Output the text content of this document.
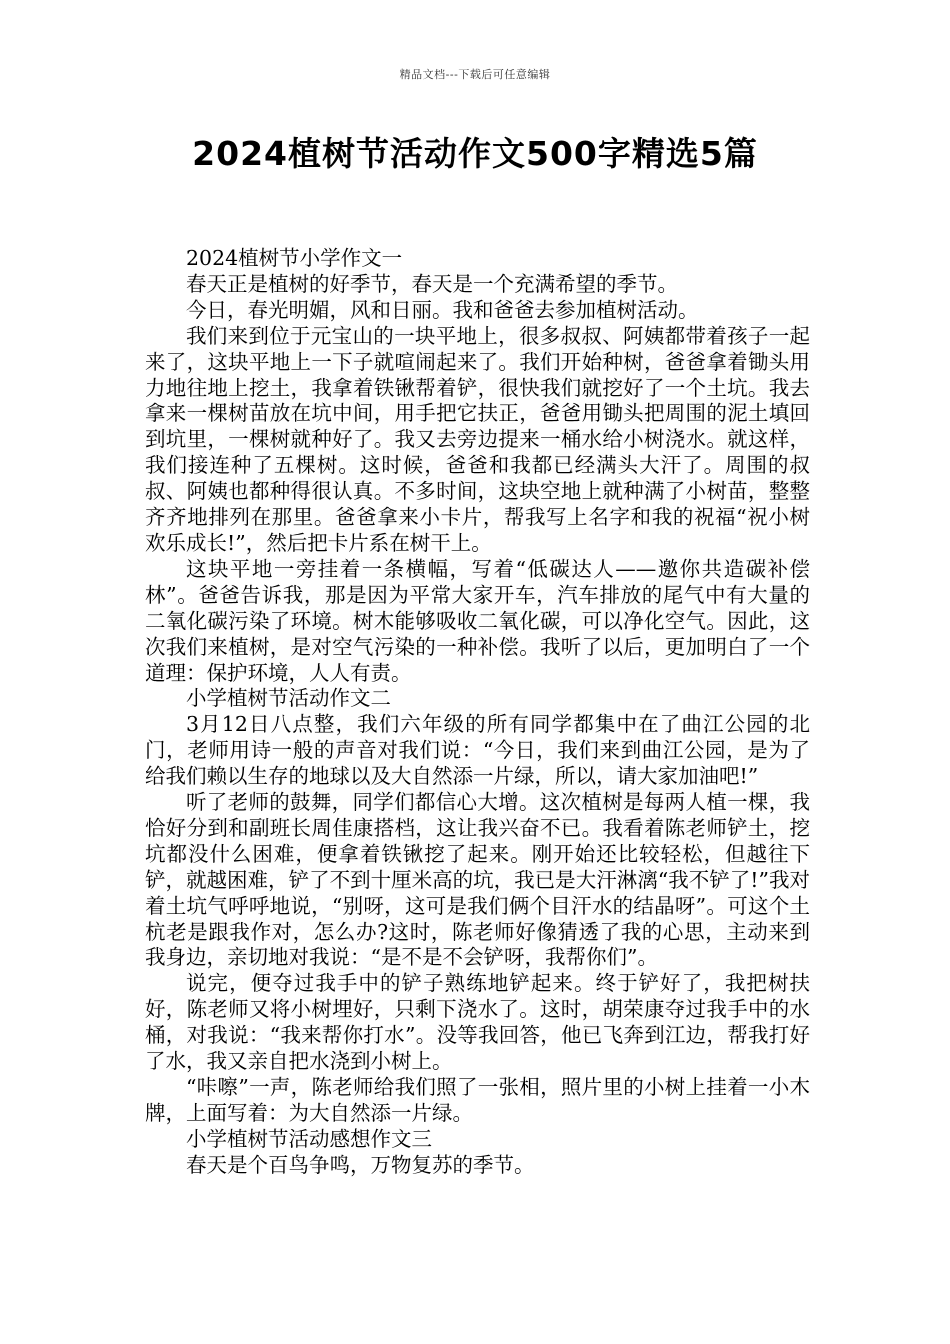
精品文档---下载后可任意编辑
2024植树节活动作文500字精选5篇

2024植树节小学作文一

春天正是植树的好季节，春天是一个充满希望的季节。

今日，春光明媚，风和日丽。我和爸爸去参加植树活动。

我们来到位于元宝山的一块平地上，很多叔叔、阿姨都带着孩子一起来了，这块平地上一下子就喧闹起来了。我们开始种树，爸爸拿着锄头用力地往地上挖土，我拿着铁锹帮着铲，很快我们就挖好了一个土坑。我去拿来一棵树苗放在坑中间，用手把它扶正，爸爸用锄头把周围的泥土填回到坑里，一棵树就种好了。我又去旁边提来一桶水给小树浇水。就这样，我们接连种了五棵树。这时候，爸爸和我都已经满头大汗了。周围的叔叔、阿姨也都种得很认真。不多时间，这块空地上就种满了小树苗，整整齐齐地排列在那里。爸爸拿来小卡片，帮我写上名字和我的祝福“祝小树欢乐成长!”，然后把卡片系在树干上。

这块平地一旁挂着一条横幅，写着“低碳达人——邀你共造碳补偿林”。爸爸告诉我，那是因为平常大家开车，汽车排放的尾气中有大量的二氧化碳污染了环境。树木能够吸收二氧化碳，可以净化空气。因此，这次我们来植树，是对空气污染的一种补偿。我听了以后，更加明白了一个道理：保护环境，人人有责。

小学植树节活动作文二

3月12日八点整，我们六年级的所有同学都集中在了曲江公园的北门，老师用诗一般的声音对我们说：“今日，我们来到曲江公园，是为了给我们赖以生存的地球以及大自然添一片绿，所以，请大家加油吧!”

听了老师的鼓舞，同学们都信心大增。这次植树是每两人植一棵，我恰好分到和副班长周佳康搭档，这让我兴奋不已。我看着陈老师铲土，挖坑都没什么困难，便拿着铁锹挖了起来。刚开始还比较轻松，但越往下铲，就越困难，铲了不到十厘米高的坑，我已是大汗淋漓“我不铲了!”我对着土坑气呼呼地说，“别呀，这可是我们俩个目汗水的结晶呀”。可这个土杭老是跟我作对，怎么办?这时，陈老师好像猜透了我的心思，主动来到我身边，亲切地对我说：“是不是不会铲呀，我帮你们”。

说完，便夺过我手中的铲子熟练地铲起来。终于铲好了，我把树扶好，陈老师又将小树埋好，只剩下浇水了。这时，胡荣康夺过我手中的水桶，对我说：“我来帮你打水”。没等我回答，他已飞奔到江边，帮我打好了水，我又亲自把水浇到小树上。

“咔嚓”一声，陈老师给我们照了一张相，照片里的小树上挂着一小木牌，上面写着：为大自然添一片绿。

小学植树节活动感想作文三

春天是个百鸟争鸣，万物复苏的季节。
